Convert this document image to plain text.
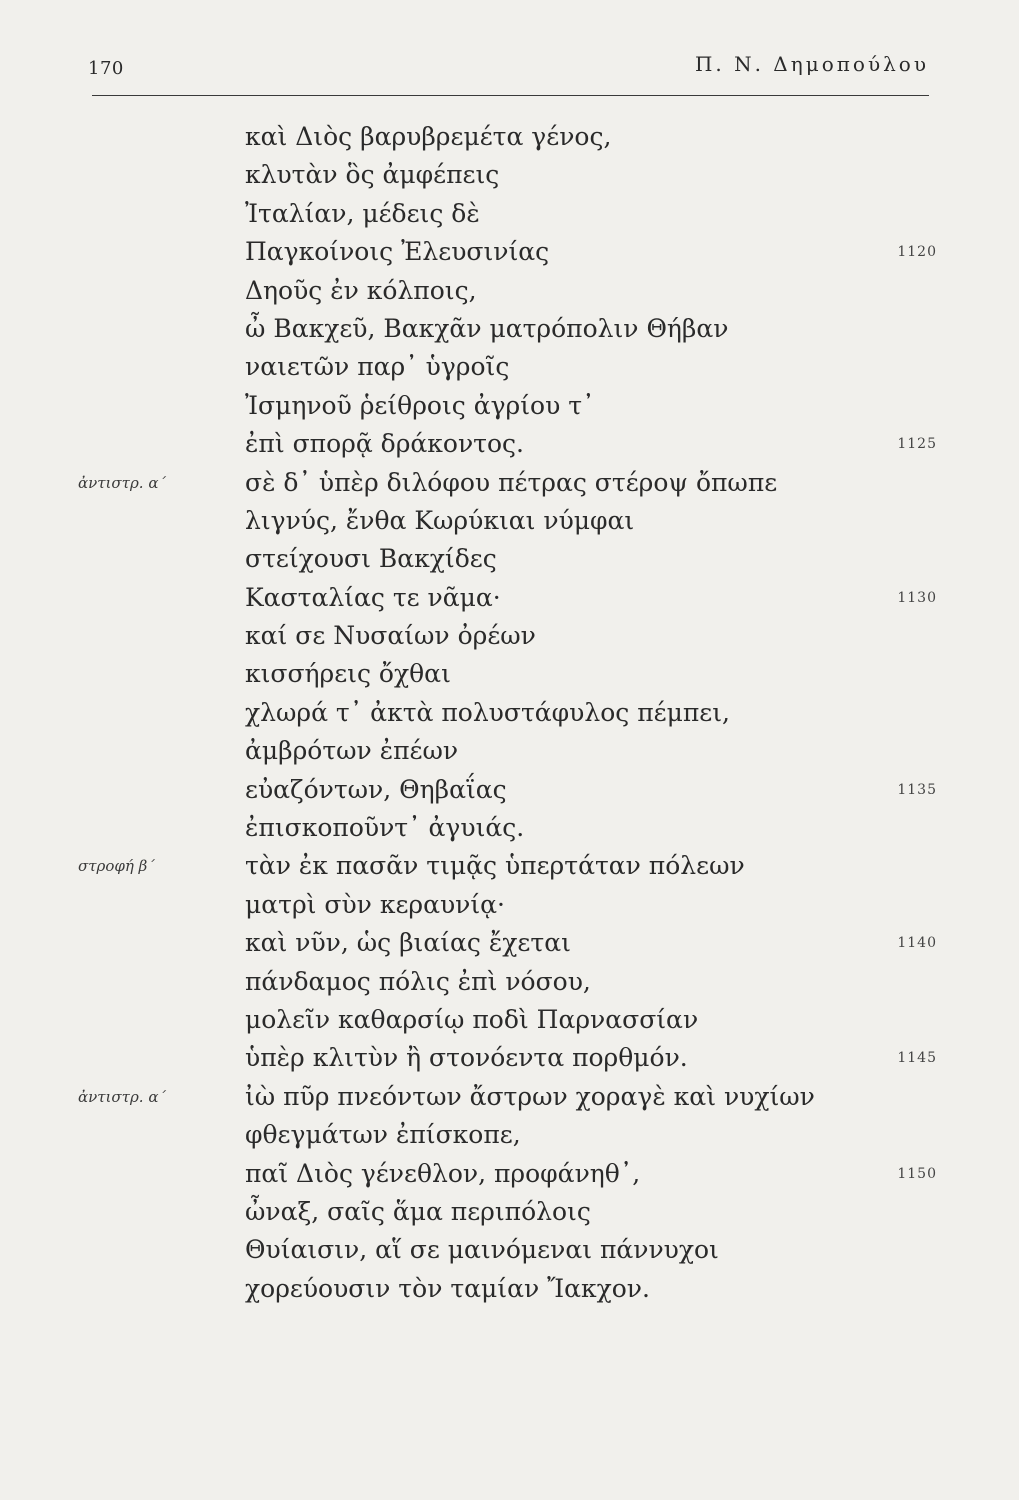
170	Π. Ν. Δημοπούλου
καὶ Διὸς βαρυβρεμέτα γένος,
κλυτὰν ὃς ἀμφέπεις
Ἰταλίαν, μέδεις δὲ
Παγκοίνοις Ἐλευσινίας	1120
Δηοῦς ἐν κόλποις,
ὦ Βακχεῦ, Βακχᾶν ματρόπολιν Θήβαν
ναιετῶν παρ᾽ ὑγροῖς
Ἰσμηνοῦ ῥείθροις ἀγρίου τ᾽
ἐπὶ σπορᾷ δράκοντος.	1125
ἀντιστρ. α΄	σὲ δ᾽ ὑπὲρ διλόφου πέτρας στέροψ ὄπωπε
λιγνύς, ἔνθα Κωρύκιαι νύμφαι
στείχουσι Βακχίδες
Κασταλίας τε νᾶμα·	1130
καί σε Νυσαίων ὀρέων
κισσήρεις ὄχθαι
χλωρά τ᾽ ἀκτὰ πολυστάφυλος πέμπει,
ἀμβρότων ἐπέων
εὐαζόντων, Θηβαΐας	1135
ἐπισκοποῦντ᾽ ἀγυιάς.
στροφή β΄	τὰν ἐκ πασᾶν τιμᾷς ὑπερτάταν πόλεων
ματρὶ σὺν κεραυνίᾳ·
καὶ νῦν, ὡς βιαίας ἔχεται	1140
πάνδαμος πόλις ἐπὶ νόσου,
μολεῖν καθαρσίῳ ποδὶ Παρνασσίαν
ὑπὲρ κλιτὺν ἢ στονόεντα πορθμόν.	1145
ἀντιστρ. α΄	ἰὼ πῦρ πνεόντων ἄστρων χοραγὲ καὶ νυχίων
φθεγμάτων ἐπίσκοπε,
παῖ Διὸς γένεθλον, προφάνηθ᾽,	1150
ὦναξ, σαῖς ἅμα περιπόλοις
Θυίαισιν, αἵ σε μαινόμεναι πάννυχοι
χορεύουσιν τὸν ταμίαν Ἴακχον.
